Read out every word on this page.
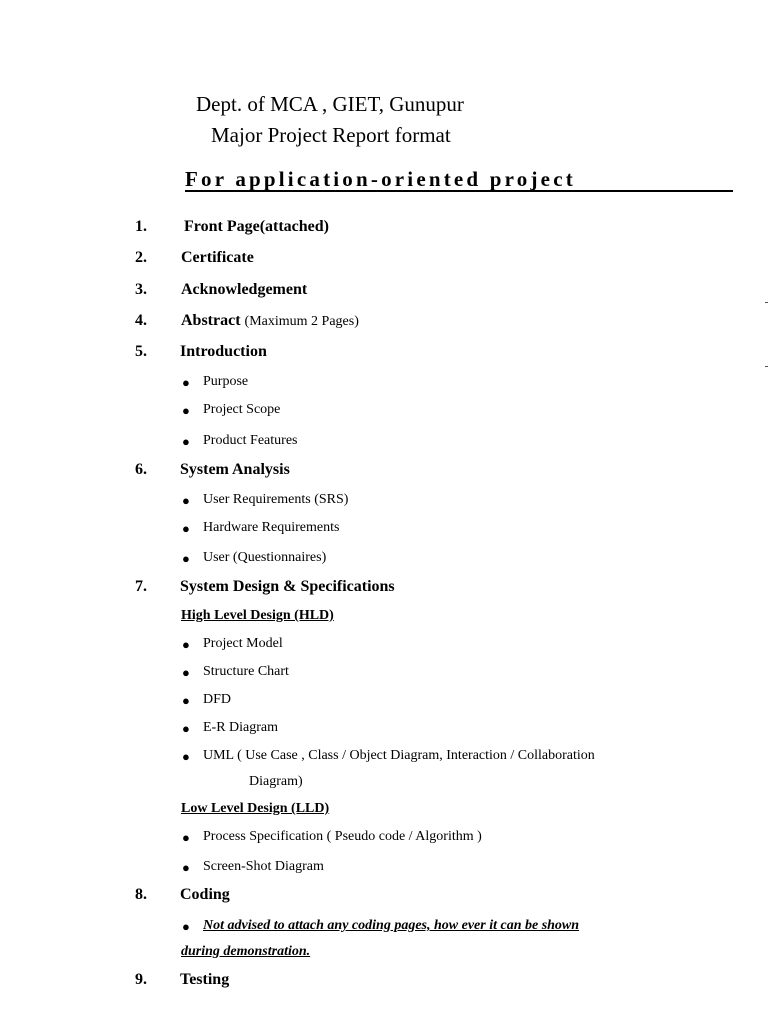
Dept. of MCA , GIET, Gunupur
Major Project Report format
For application-oriented project
1. Front Page(attached)
2. Certificate
3. Acknowledgement
4. Abstract (Maximum 2 Pages)
5. Introduction
● Purpose
● Project Scope
● Product Features
6. System Analysis
● User Requirements (SRS)
● Hardware Requirements
● User (Questionnaires)
7. System Design & Specifications
High Level Design (HLD)
● Project Model
● Structure Chart
● DFD
● E-R Diagram
● UML ( Use Case , Class / Object Diagram, Interaction / Collaboration
Diagram)
Low Level Design (LLD)
● Process Specification ( Pseudo code / Algorithm )
● Screen-Shot Diagram
8. Coding
● Not advised to attach any coding pages, how ever it can be shown
during demonstration.
9. Testing
